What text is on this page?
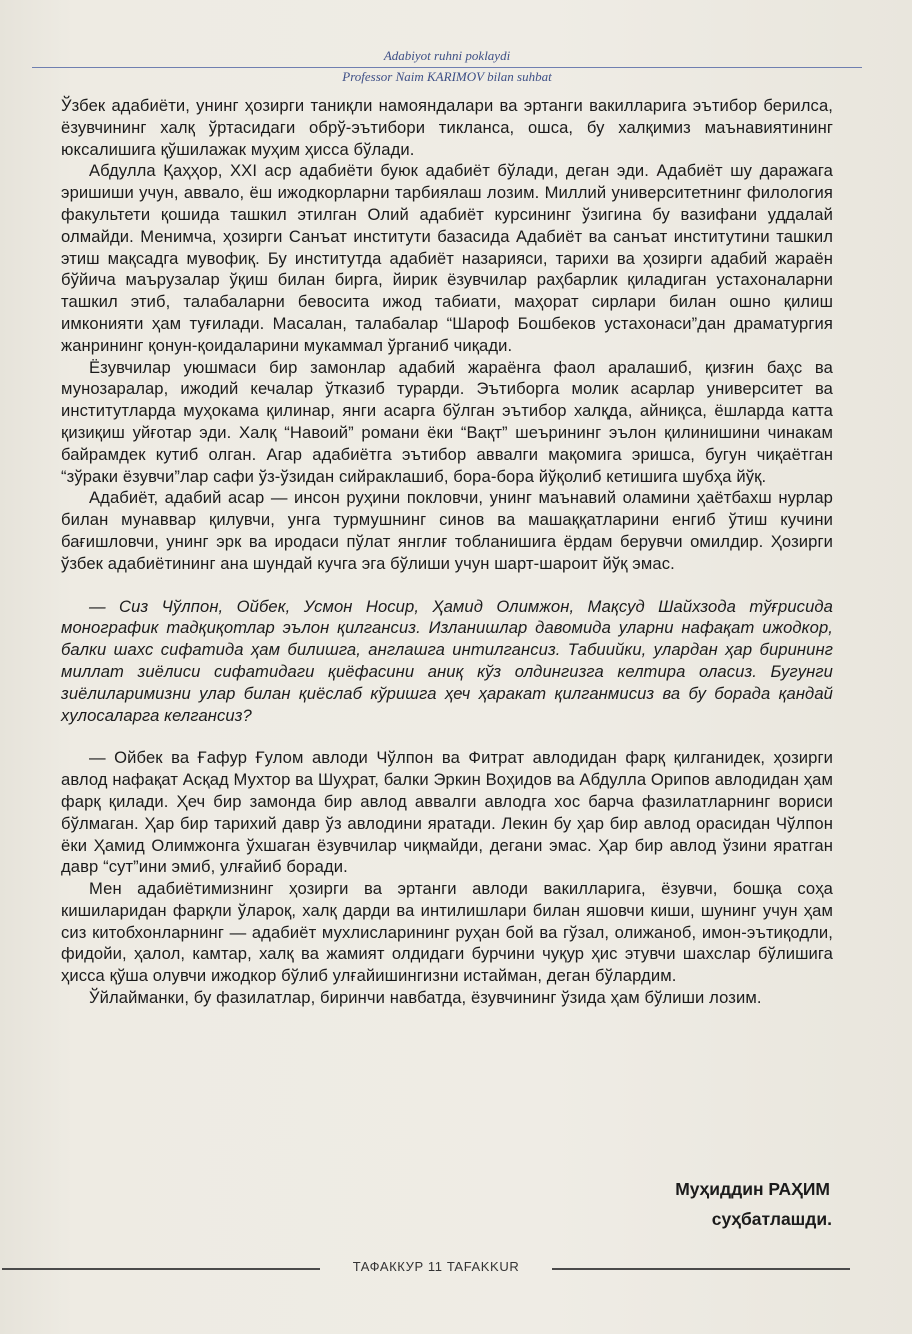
Adabiyot ruhni poklaydi
Professor Naim KARIMOV bilan suhbat

Ўзбек адабиёти, унинг ҳозирги таниқли намояндалари ва эртанги вакилларига эътибор берилса, ёзувчининг халқ ўртасидаги обрў-эътибори тикланса, ошса, бу халқимиз маънавиятининг юксалишига қўшилажак муҳим ҳисса бўлади.

Абдулла Қаҳҳор, XXI аср адабиёти буюк адабиёт бўлади, деган эди. Адабиёт шу даражага эришиши учун, аввало, ёш ижодкорларни тарбиялаш лозим. Миллий университетнинг филология факультети қошида ташкил этилган Олий адабиёт курсининг ўзигина бу вазифани уддалай олмайди. Менимча, ҳозирги Санъат институти базасида Адабиёт ва санъат институтини ташкил этиш мақсадга мувофиқ. Бу институтда адабиёт назарияси, тарихи ва ҳозирги адабий жараён бўйича маърузалар ўқиш билан бирга, йирик ёзувчилар раҳбарлик қиладиган устахоналарни ташкил этиб, талабаларни бевосита ижод табиати, маҳорат сирлари билан ошно қилиш имконияти ҳам туғилади. Масалан, талабалар “Шароф Бошбеков устахонаси”дан драматургия жанрининг қонун-қоидаларини мукаммал ўрганиб чиқади.

Ёзувчилар уюшмаси бир замонлар адабий жараёнга фаол аралашиб, қизғин баҳс ва мунозаралар, ижодий кечалар ўтказиб турарди. Эътиборга молик асарлар университет ва институтларда муҳокама қилинар, янги асарга бўлган эътибор халқда, айниқса, ёшларда катта қизиқиш уйғотар эди. Халқ “Навоий” романи ёки “Вақт” шеърининг эълон қилинишини чинакам байрамдек кутиб олган. Агар адабиётга эътибор аввалги мақомига эришса, бугун чиқаётган “зўраки ёзувчи”лар сафи ўз-ўзидан сийраклашиб, бора-бора йўқолиб кетишига шубҳа йўқ.

Адабиёт, адабий асар — инсон руҳини покловчи, унинг маънавий оламини ҳаётбахш нурлар билан мунаввар қилувчи, унга турмушнинг синов ва машаққатларини енгиб ўтиш кучини бағишловчи, унинг эрк ва иродаси пўлат янглиғ тобланишига ёрдам берувчи омилдир. Ҳозирги ўзбек адабиётининг ана шундай кучга эга бўлиши учун шарт-шароит йўқ эмас.

— Сиз Чўлпон, Ойбек, Усмон Носир, Ҳамид Олимжон, Мақсуд Шайхзода тўғрисида монографик тадқиқотлар эълон қилгансиз. Изланишлар давомида уларни нафақат ижодкор, балки шахс сифатида ҳам билишга, англашга интилгансиз. Табиийки, улардан ҳар бирининг миллат зиёлиси сифатидаги қиёфасини аниқ кўз олдингизга келтира оласиз. Бугунги зиёлиларимизни улар билан қиёслаб кўришга ҳеч ҳаракат қилганмисиз ва бу борада қандай хулосаларга келгансиз?

— Ойбек ва Ғафур Ғулом авлоди Чўлпон ва Фитрат авлодидан фарқ қилганидек, ҳозирги авлод нафақат Асқад Мухтор ва Шуҳрат, балки Эркин Воҳидов ва Абдулла Орипов авлодидан ҳам фарқ қилади. Ҳеч бир замонда бир авлод аввалги авлодга хос барча фазилатларнинг вориси бўлмаган. Ҳар бир тарихий давр ўз авлодини яратади. Лекин бу ҳар бир авлод орасидан Чўлпон ёки Ҳамид Олимжонга ўхшаган ёзувчилар чиқмайди, дегани эмас. Ҳар бир авлод ўзини яратган давр “сут”ини эмиб, улғайиб боради.

Мен адабиётимизнинг ҳозирги ва эртанги авлоди вакилларига, ёзувчи, бошқа соҳа кишиларидан фарқли ўлароқ, халқ дарди ва интилишлари билан яшовчи киши, шунинг учун ҳам сиз китобхонларнинг — адабиёт мухлисларининг руҳан бой ва гўзал, олижаноб, имон-эътиқодли, фидойи, ҳалол, камтар, халқ ва жамият олдидаги бурчини чуқур ҳис этувчи шахслар бўлишига ҳисса қўша олувчи ижодкор бўлиб улғайишингизни истайман, деган бўлардим.

Ўйлайманки, бу фазилатлар, биринчи навбатда, ёзувчининг ўзида ҳам бўлиши лозим.

Муҳиддин РАҲИМ
суҳбатлашди.
ТАФАККУР 11 TAFAKKUR
